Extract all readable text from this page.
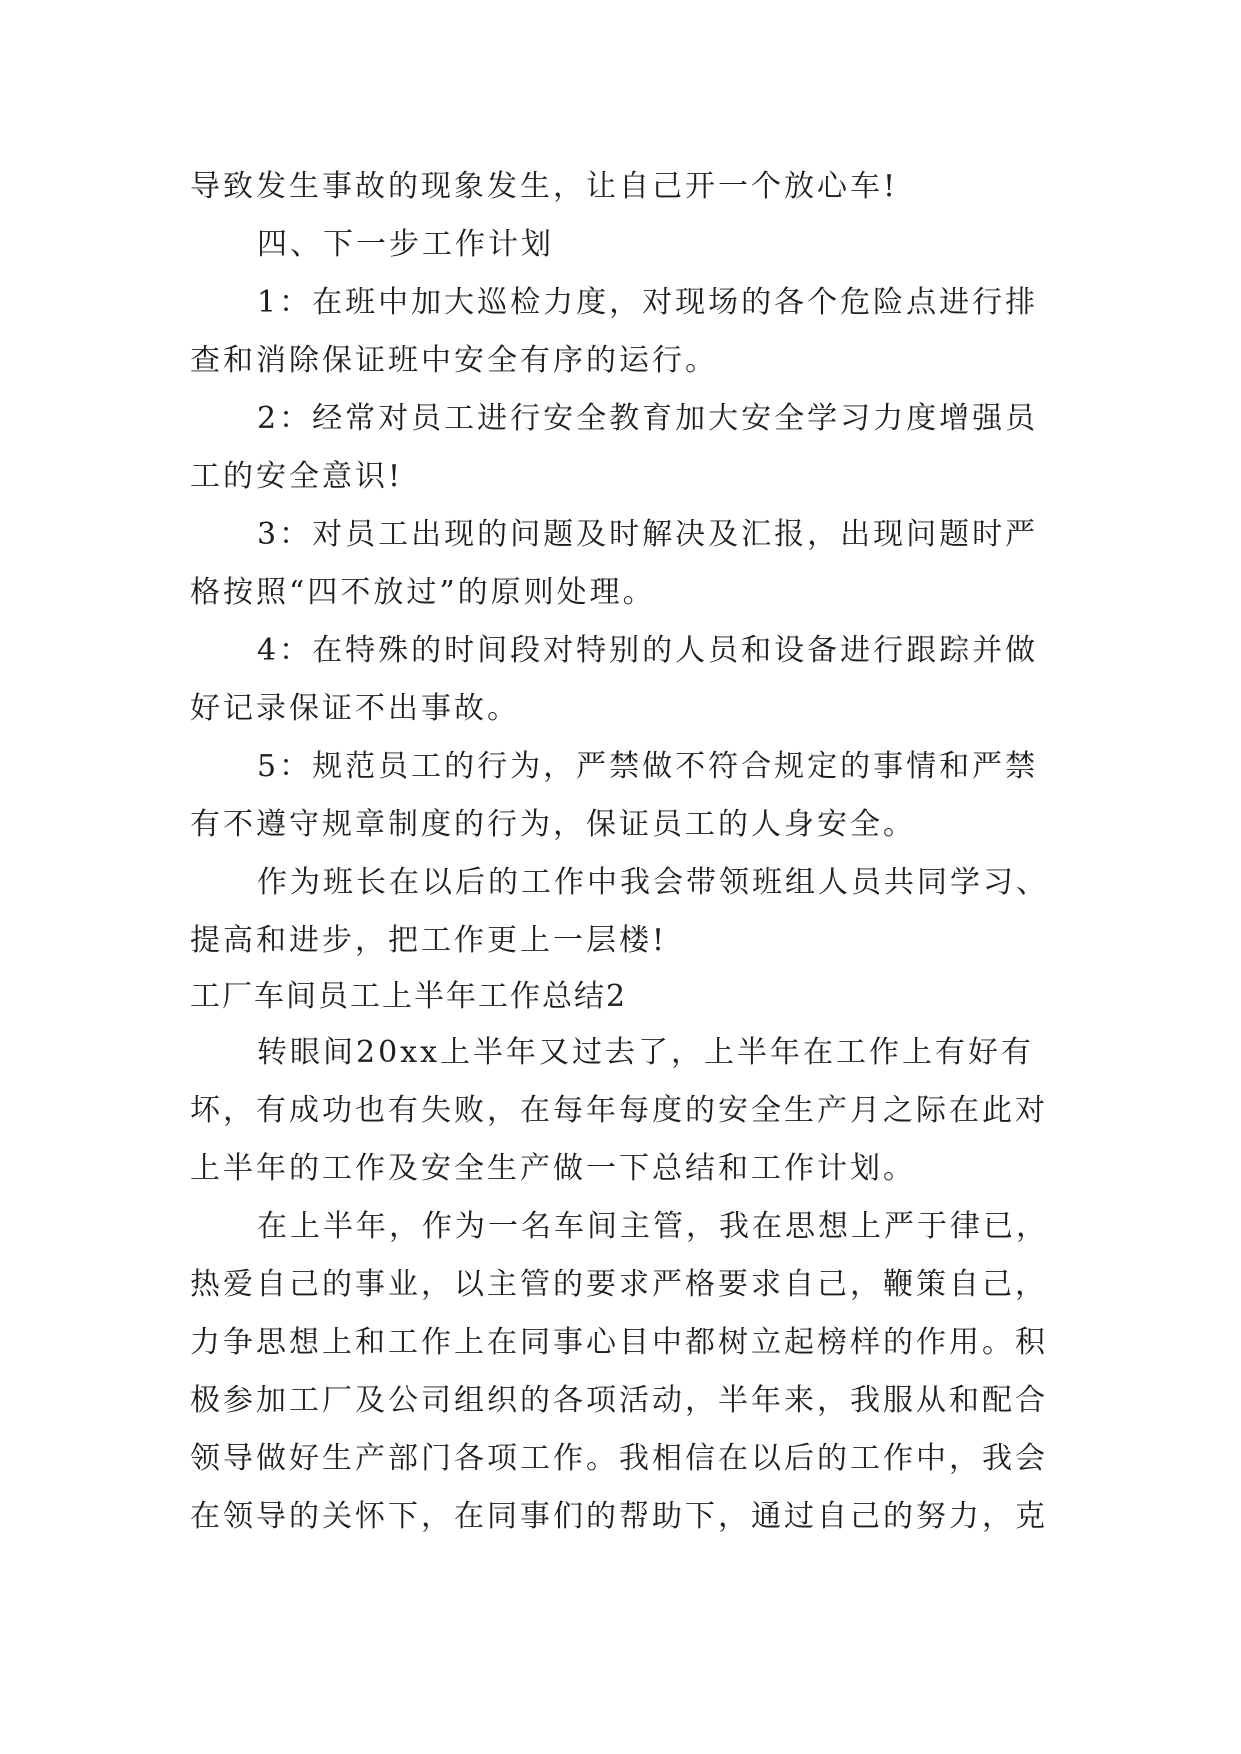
导致发生事故的现象发生，让自己开一个放心车!
四、下一步工作计划
1：在班中加大巡检力度，对现场的各个危险点进行排
查和消除保证班中安全有序的运行。
2：经常对员工进行安全教育加大安全学习力度增强员
工的安全意识!
3：对员工出现的问题及时解决及汇报，出现问题时严
格按照“四不放过”的原则处理。
4：在特殊的时间段对特别的人员和设备进行跟踪并做
好记录保证不出事故。
5：规范员工的行为，严禁做不符合规定的事情和严禁
有不遵守规章制度的行为，保证员工的人身安全。
作为班长在以后的工作中我会带领班组人员共同学习、
提高和进步，把工作更上一层楼!
工厂车间员工上半年工作总结2
转眼间20xx上半年又过去了，上半年在工作上有好有
坏，有成功也有失败，在每年每度的安全生产月之际在此对
上半年的工作及安全生产做一下总结和工作计划。
在上半年，作为一名车间主管，我在思想上严于律已，
热爱自己的事业，以主管的要求严格要求自己，鞭策自己，
力争思想上和工作上在同事心目中都树立起榜样的作用。积
极参加工厂及公司组织的各项活动，半年来，我服从和配合
领导做好生产部门各项工作。我相信在以后的工作中，我会
在领导的关怀下，在同事们的帮助下，通过自己的努力，克
